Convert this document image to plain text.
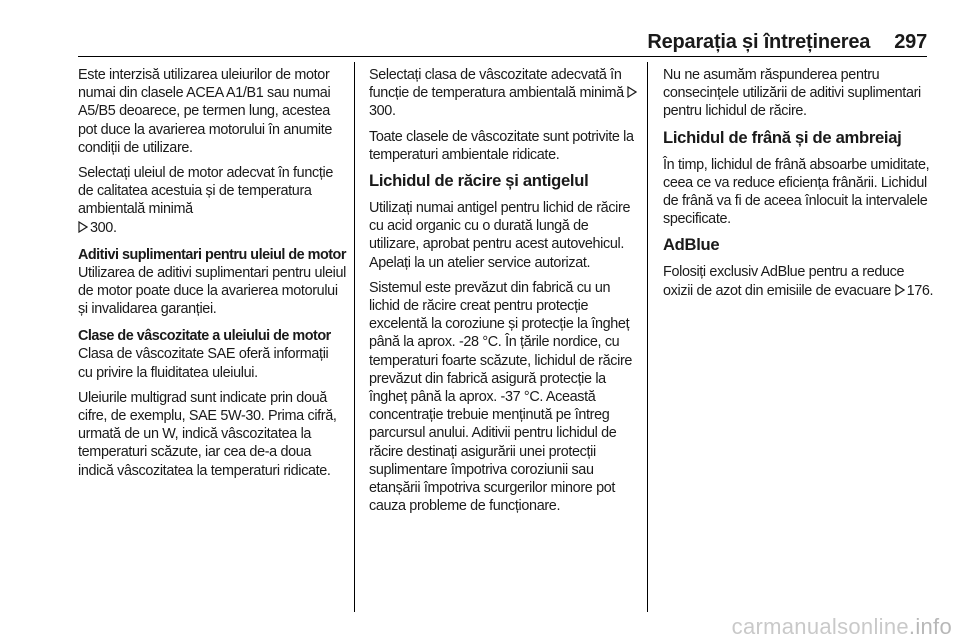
Reparația și întreținerea 297

Este interzisă utilizarea uleiurilor de motor numai din clasele ACEA A1/B1 sau numai A5/B5 deoarece, pe termen lung, acestea pot duce la avarierea motorului în anumite condiții de utilizare.

Selectați uleiul de motor adecvat în funcție de calitatea acestuia și de temperatura ambientală minimă
300.

Aditivi suplimentari pentru uleiul de motor

Utilizarea de aditivi suplimentari pentru uleiul de motor poate duce la avarierea motorului și invalidarea garanției.

Clase de vâscozitate a uleiului de motor

Clasa de vâscozitate SAE oferă informații cu privire la fluiditatea uleiului.

Uleiurile multigrad sunt indicate prin două cifre, de exemplu, SAE 5W-30. Prima cifră, urmată de un W, indică vâscozitatea la temperaturi scăzute, iar cea de-a doua indică vâscozitatea la temperaturi ridicate.

Selectați clasa de vâscozitate adecvată în funcție de temperatura ambientală minimă 300.

Toate clasele de vâscozitate sunt potrivite la temperaturi ambientale ridicate.

Lichidul de răcire și antigelul

Utilizați numai antigel pentru lichid de răcire cu acid organic cu o durată lungă de utilizare, aprobat pentru acest autovehicul. Apelați la un atelier service autorizat.

Sistemul este prevăzut din fabrică cu un lichid de răcire creat pentru protecție excelentă la coroziune și protecție la îngheț până la aprox. -28 °C. În țările nordice, cu temperaturi foarte scăzute, lichidul de răcire prevăzut din fabrică asigură protecție la îngheț până la aprox. -37 °C. Această concentrație trebuie menținută pe întreg parcursul anului. Aditivii pentru lichidul de răcire destinați asigurării unei protecții suplimentare împotriva coroziunii sau etanșării împotriva scurgerilor minore pot cauza probleme de funcționare.

Nu ne asumăm răspunderea pentru consecințele utilizării de aditivi suplimentari pentru lichidul de răcire.

Lichidul de frână și de ambreiaj

În timp, lichidul de frână absoarbe umiditate, ceea ce va reduce eficiența frânării. Lichidul de frână va fi de aceea înlocuit la intervalele specificate.

AdBlue

Folosiți exclusiv AdBlue pentru a reduce oxizii de azot din emisiile de evacuare 176.

carmanualsonline.info
